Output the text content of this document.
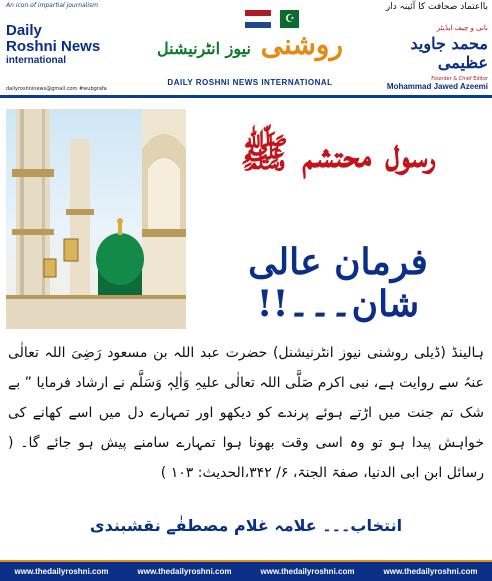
An icon of impartial journalism
Daily
Roshni News
international
dailyroshninews@gmail.com #wubgrafa
☪
روشنی نیوز انٹرنیشنل
DAILY ROSHNI NEWS INTERNATIONAL
بااعتماد صحافت کا آئینہ دار
بانی و چیف ایڈیٹر
محمد جاوید عظیمی
Founder & Chief Editor
Mohammad Jawed Azeemi
رسول محتشم ﷺ
فرمان عالی شان۔۔۔!!
ہالینڈ (ڈیلی روشنی نیوز انٹرنیشنل) حضرت عبد اللہ بن مسعود رَضِیَ اللہ تعالٰی عنہُ سے روایت ہے، نبی اکرم صَلَّی اللہ تعالٰی علیہِ وَاٰلِہٖ وَسَلَّم نے ارشاد فرمایا ” بے شک تم جنت میں اڑتے ہوئے پرندے کو دیکھو اور تمہارے دل میں اسے کھانے کی خواہش پیدا ہو تو وہ اسی وقت بھونا ہوا تمہارے سامنے پیش ہو جائے گا۔ ( رسائل ابن ابی الدنیا، صفۃ الجنۃ، ۶/ ۳۴۲،الحدیث: ۱۰۳ )
انتخاب۔۔۔ علامہ غلام مصطفٰے نقشبندی
www.thedailyroshni.com	www.thedailyroshni.com	www.thedailyroshni.com	www.thedailyroshni.com
